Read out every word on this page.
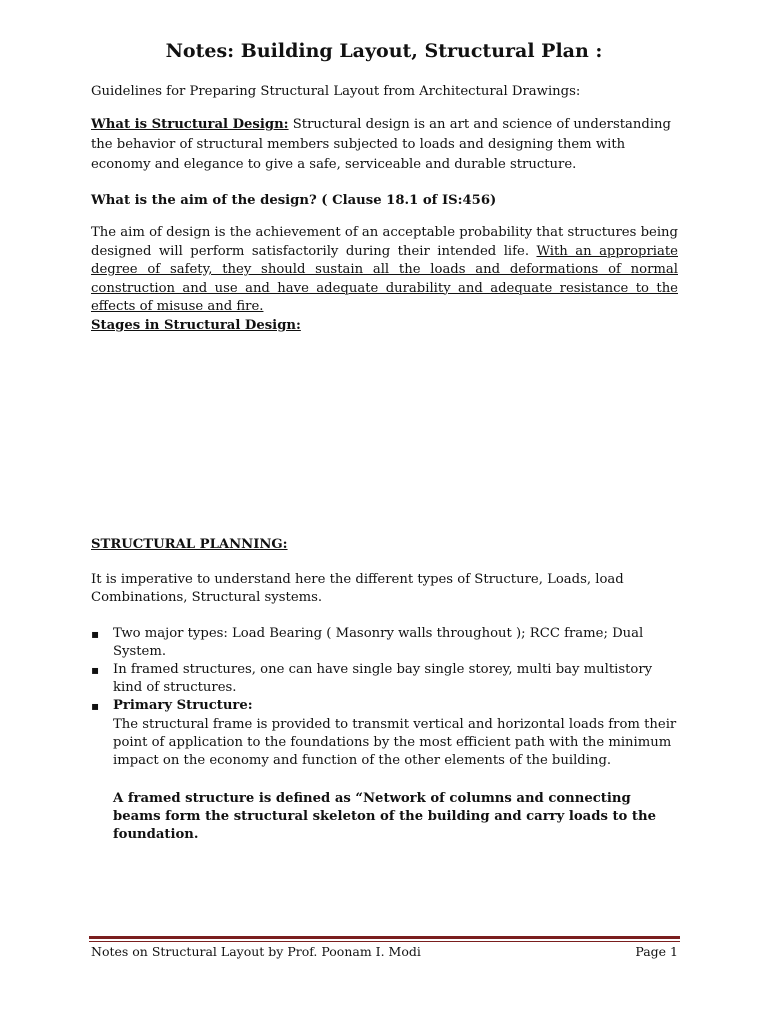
Notes: Building Layout, Structural Plan :
Guidelines for Preparing Structural Layout from Architectural Drawings:
What is Structural Design: Structural design is an art and science of understanding the behavior of structural members subjected to loads and designing them with economy and elegance to give a safe, serviceable and durable structure.
What is the aim of the design? ( Clause 18.1 of IS:456)
The aim of design is the achievement of an acceptable probability that structures being designed will perform satisfactorily during their intended life. With an appropriate degree of safety, they should sustain all the loads and deformations of normal construction and use and have adequate durability and adequate resistance to the effects of misuse and fire.
Stages in Structural Design:
STRUCTURAL PLANNING:
It is imperative to understand here the different types of Structure, Loads, load Combinations, Structural systems.
▪ Two major types: Load Bearing ( Masonry walls throughout ); RCC frame; Dual System.
▪ In framed structures, one can have single bay single storey, multi bay multistory kind of structures.
▪ Primary Structure:
The structural frame is provided to transmit vertical and horizontal loads from their point of application to the foundations by the most efficient path with the minimum impact on the economy and function of the other elements of the building.
A framed structure is defined as “Network of columns and connecting beams form the structural skeleton of the building and carry loads to the foundation.
Notes on Structural Layout by Prof. Poonam I. Modi	Page 1
